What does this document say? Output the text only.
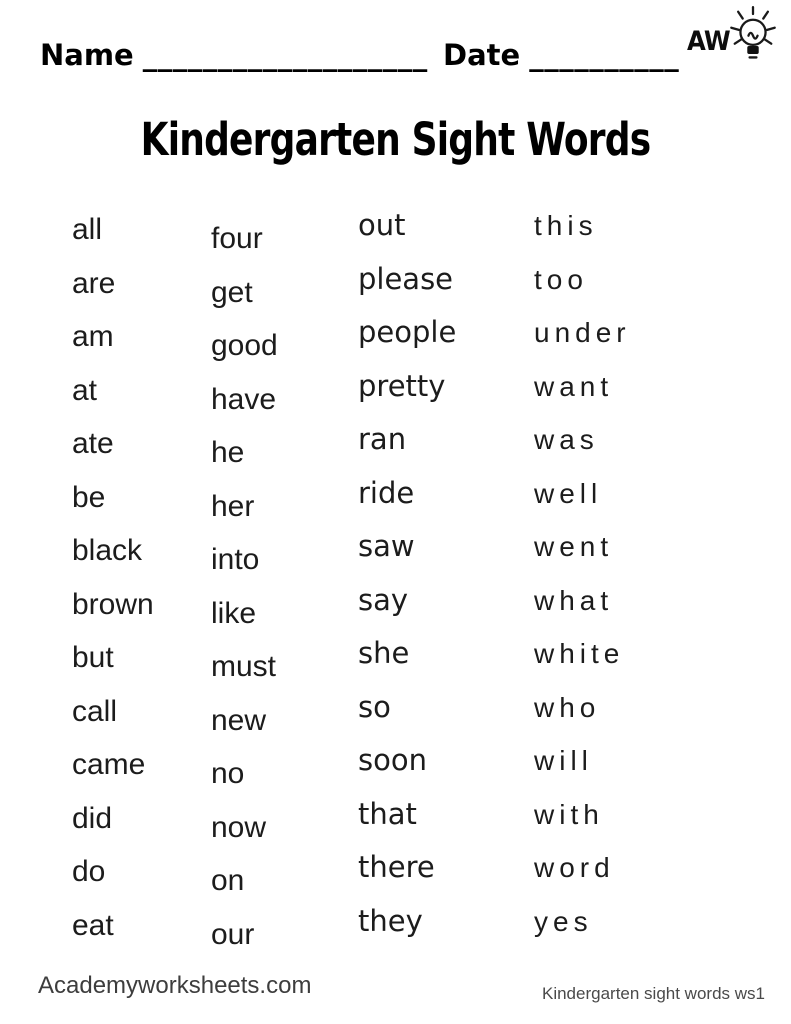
Name ___________________ Date __________ AW
Kindergarten Sight Words
all
are
am
at
ate
be
black
brown
but
call
came
did
do
eat
four
get
good
have
he
her
into
like
must
new
no
now
on
our
out
please
people
pretty
ran
ride
saw
say
she
so
soon
that
there
they
this
too
under
want
was
well
went
what
white
who
will
with
word
yes
Academyworksheets.com	Kindergarten sight words ws1
